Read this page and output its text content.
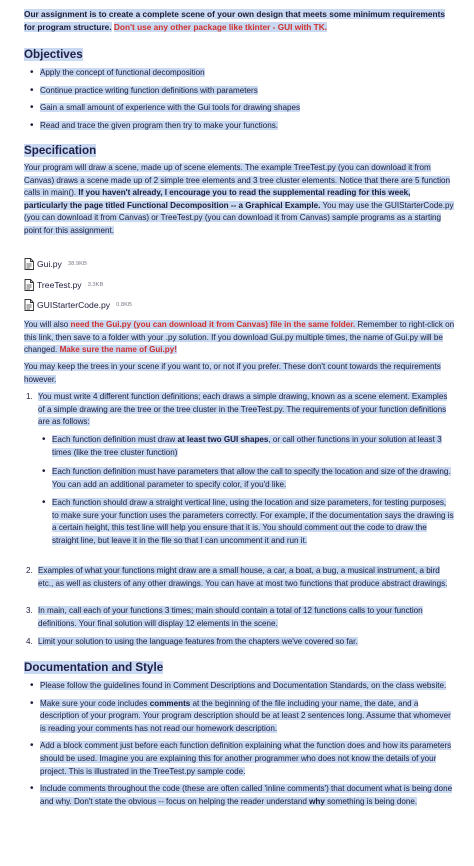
Our assignment is to create a complete scene of your own design that meets some minimum requirements for program structure. Don't use any other package like tkinter - GUI with TK.

Objectives
• Apply the concept of functional decomposition
• Continue practice writing function definitions with parameters
• Gain a small amount of experience with the Gui tools for drawing shapes
• Read and trace the given program then try to make your functions.
Specification

Your program will draw a scene, made up of scene elements. The example TreeTest.py (you can download it from Canvas) draws a scene made up of 2 simple tree elements and 3 tree cluster elements. Notice that there are 5 function calls in main(). If you haven't already, I encourage you to read the supplemental reading for this week, particularly the page titled Functional Decomposition -- a Graphical Example. You may use the GUIStarterCode.py (you can download it from Canvas) or TreeTest.py (you can download it from Canvas) sample programs as a starting point for this assignment.

Gui.py 38.9KB
TreeTest.py 3.3KB
GUIStarterCode.py 0.8KB

You will also need the Gui.py (you can download it from Canvas) file in the same folder. Remember to right-click on this link, then save to a folder with your .py solution. If you download Gui.py multiple times, the name of Gui.py will be changed. Make sure the name of Gui.py!

You may keep the trees in your scene if you want to, or not if you prefer. These don't count towards the requirements however.

1. You must write 4 different function definitions; each draws a simple drawing, known as a scene element. Examples of a simple drawing are the tree or the tree cluster in the TreeTest.py. The requirements of your function definitions are as follows:

• Each function definition must draw at least two GUI shapes, or call other functions in your solution at least 3 times (like the tree cluster function)

• Each function definition must have parameters that allow the call to specify the location and size of the drawing. You can add an additional parameter to specify color, if you'd like.

• Each function should draw a straight vertical line, using the location and size parameters, for testing purposes, to make sure your function uses the parameters correctly. For example, if the documentation says the drawing is a certain height, this test line will help you ensure that it is. You should comment out the code to draw the straight line, but leave it in the file so that I can uncomment it and run it.

2. Examples of what your functions might draw are a small house, a car, a boat, a bug, a musical instrument, a bird etc., as well as clusters of any other drawings. You can have at most two functions that produce abstract drawings.
3. In main, call each of your functions 3 times; main should contain a total of 12 functions calls to your function definitions. Your final solution will display 12 elements in the scene.
4. Limit your solution to using the language features from the chapters we've covered so far.
Documentation and Style
• Please follow the guidelines found in Comment Descriptions and Documentation Standards, on the class website.
• Make sure your code includes comments at the beginning of the file including your name, the date, and a description of your program. Your program description should be at least 2 sentences long. Assume that whomever is reading your comments has not read our homework description.
• Add a block comment just before each function definition explaining what the function does and how its parameters should be used. Imagine you are explaining this for another programmer who does not know the details of your project. This is illustrated in the TreeTest.py sample code.
• Include comments throughout the code (these are often called 'inline comments') that document what is being done and why. Don't state the obvious -- focus on helping the reader understand why something is being done.
